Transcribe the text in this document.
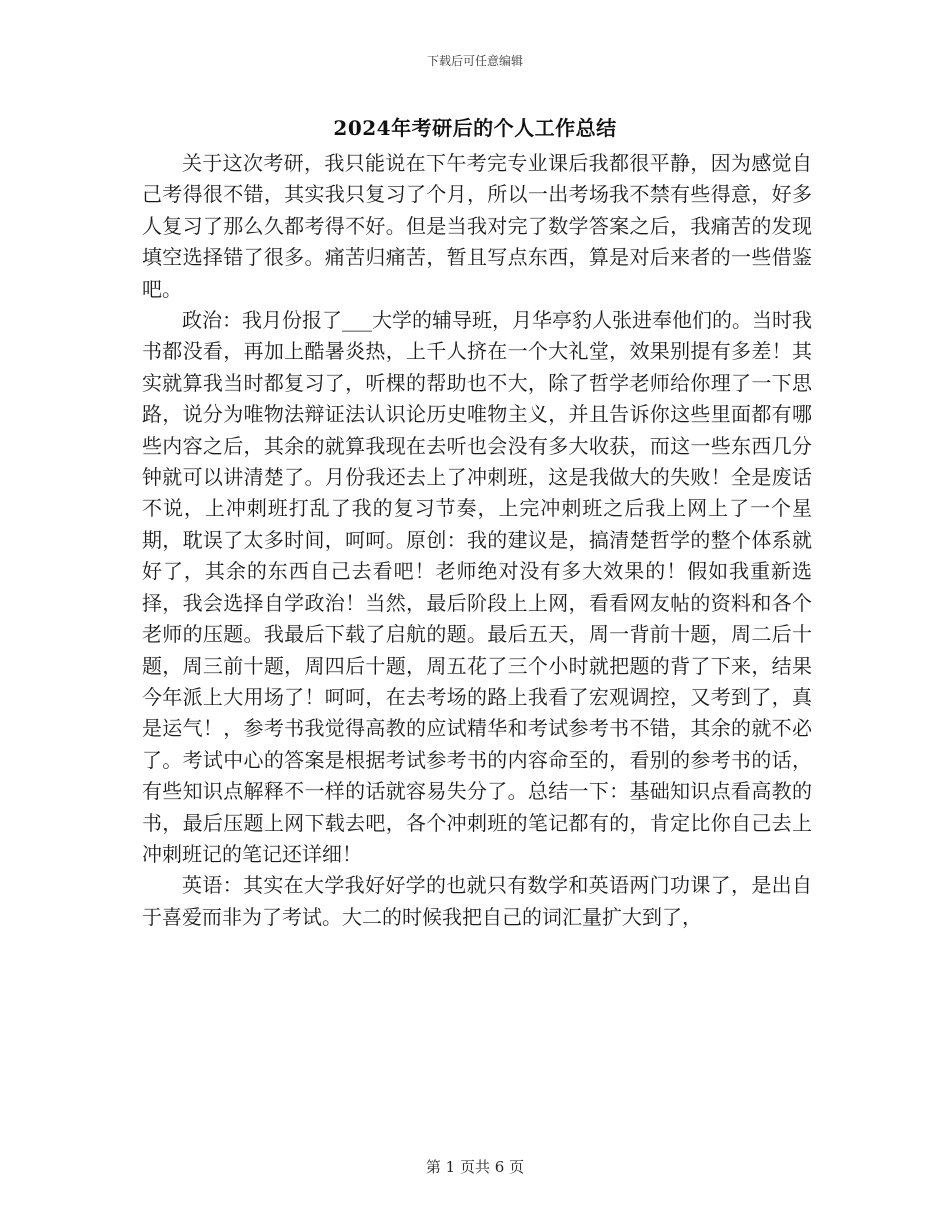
下载后可任意编辑
2024年考研后的个人工作总结

关于这次考研，我只能说在下午考完专业课后我都很平静，因为感觉自己考得很不错，其实我只复习了个月，所以一出考场我不禁有些得意，好多人复习了那么久都考得不好。但是当我对完了数学答案之后，我痛苦的发现填空选择错了很多。痛苦归痛苦，暂且写点东西，算是对后来者的一些借鉴吧。

政治：我月份报了___大学的辅导班，月华亭豹人张进奉他们的。当时我书都没看，再加上酷暑炎热，上千人挤在一个大礼堂，效果别提有多差！其实就算我当时都复习了，听棵的帮助也不大，除了哲学老师给你理了一下思路，说分为唯物法辩证法认识论历史唯物主义，并且告诉你这些里面都有哪些内容之后，其余的就算我现在去听也会没有多大收获，而这一些东西几分钟就可以讲清楚了。月份我还去上了冲刺班，这是我做大的失败！全是废话不说，上冲刺班打乱了我的复习节奏，上完冲刺班之后我上网上了一个星期，耽误了太多时间，呵呵。原创：我的建议是，搞清楚哲学的整个体系就好了，其余的东西自己去看吧！老师绝对没有多大效果的！假如我重新选择，我会选择自学政治！当然，最后阶段上上网，看看网友帖的资料和各个老师的压题。我最后下载了启航的题。最后五天，周一背前十题，周二后十题，周三前十题，周四后十题，周五花了三个小时就把题的背了下来，结果今年派上大用场了！呵呵，在去考场的路上我看了宏观调控，又考到了，真是运气！，参考书我觉得高教的应试精华和考试参考书不错，其余的就不必了。考试中心的答案是根据考试参考书的内容命至的，看别的参考书的话，有些知识点解释不一样的话就容易失分了。总结一下：基础知识点看高教的书，最后压题上网下载去吧，各个冲刺班的笔记都有的，肯定比你自己去上冲刺班记的笔记还详细！

英语：其实在大学我好好学的也就只有数学和英语两门功课了，是出自于喜爱而非为了考试。大二的时候我把自己的词汇量扩大到了，

第 1 页共 6 页
